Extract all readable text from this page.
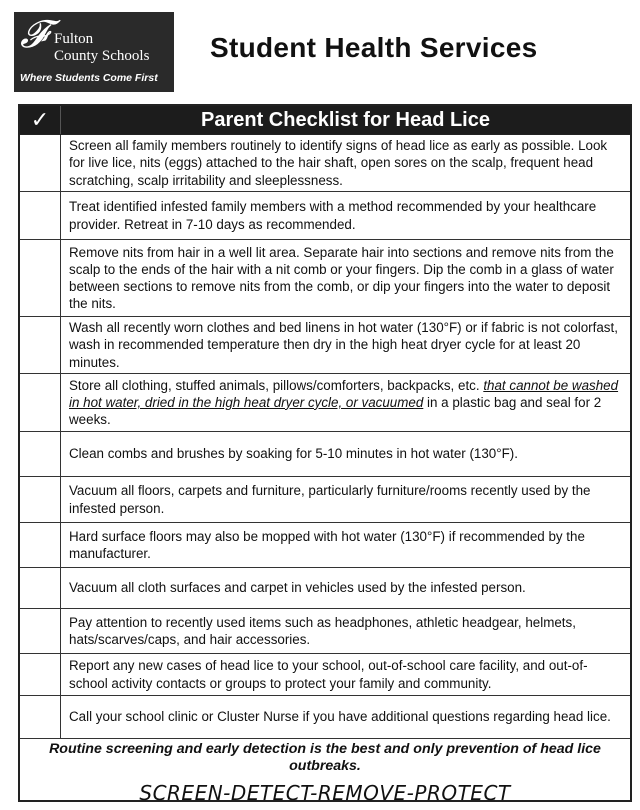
𝓕 Fulton
County Schools
Where Students Come First
Student Health Services
✓	Parent Checklist for Head Lice
Screen all family members routinely to identify signs of head lice as early as possible. Look for live lice, nits (eggs) attached to the hair shaft, open sores on the scalp, frequent head scratching, scalp irritability and sleeplessness.
Treat identified infested family members with a method recommended by your healthcare provider. Retreat in 7-10 days as recommended.
Remove nits from hair in a well lit area. Separate hair into sections and remove nits from the scalp to the ends of the hair with a nit comb or your fingers. Dip the comb in a glass of water between sections to remove nits from the comb, or dip your fingers into the water to deposit the nits.
Wash all recently worn clothes and bed linens in hot water (130°F) or if fabric is not colorfast, wash in recommended temperature then dry in the high heat dryer cycle for at least 20 minutes.
Store all clothing, stuffed animals, pillows/comforters, backpacks, etc. that cannot be washed in hot water, dried in the high heat dryer cycle, or vacuumed in a plastic bag and seal for 2 weeks.
Clean combs and brushes by soaking for 5-10 minutes in hot water (130°F).
Vacuum all floors, carpets and furniture, particularly furniture/rooms recently used by the infested person.
Hard surface floors may also be mopped with hot water (130°F) if recommended by the manufacturer.
Vacuum all cloth surfaces and carpet in vehicles used by the infested person.
Pay attention to recently used items such as headphones, athletic headgear, helmets, hats/scarves/caps, and hair accessories.
Report any new cases of head lice to your school, out-of-school care facility, and out-of-school activity contacts or groups to protect your family and community.
Call your school clinic or Cluster Nurse if you have additional questions regarding head lice.
Routine screening and early detection is the best and only prevention of head lice outbreaks.
SCREEN-DETECT-REMOVE-PROTECT
